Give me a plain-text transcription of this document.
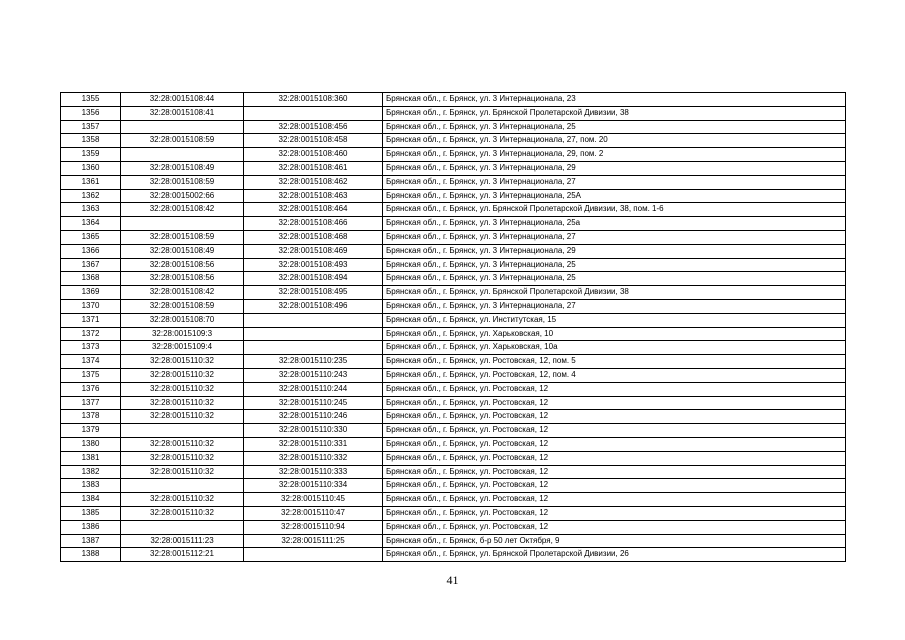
1355	32:28:0015108:44	32:28:0015108:360	Брянская обл., г. Брянск, ул. 3 Интернационала, 23
1356	32:28:0015108:41		Брянская обл., г. Брянск, ул. Брянской Пролетарской Дивизии, 38
1357		32:28:0015108:456	Брянская обл., г. Брянск, ул. 3 Интернационала, 25
1358	32:28:0015108:59	32:28:0015108:458	Брянская обл., г. Брянск, ул. 3 Интернационала, 27, пом. 20
1359		32:28:0015108:460	Брянская обл., г. Брянск, ул. 3 Интернационала, 29, пом. 2
1360	32:28:0015108:49	32:28:0015108:461	Брянская обл., г. Брянск, ул. 3 Интернационала, 29
1361	32:28:0015108:59	32:28:0015108:462	Брянская обл., г. Брянск, ул. 3 Интернационала, 27
1362	32:28:0015002:66	32:28:0015108:463	Брянская обл., г. Брянск, ул. 3 Интернационала, 25А
1363	32:28:0015108:42	32:28:0015108:464	Брянская обл., г. Брянск, ул. Брянской Пролетарской Дивизии, 38, пом. 1-6
1364		32:28:0015108:466	Брянская обл., г. Брянск, ул. 3 Интернационала, 25а
1365	32:28:0015108:59	32:28:0015108:468	Брянская обл., г. Брянск, ул. 3 Интернационала, 27
1366	32:28:0015108:49	32:28:0015108:469	Брянская обл., г. Брянск, ул. 3 Интернационала, 29
1367	32:28:0015108:56	32:28:0015108:493	Брянская обл., г. Брянск, ул. 3 Интернационала, 25
1368	32:28:0015108:56	32:28:0015108:494	Брянская обл., г. Брянск, ул. 3 Интернационала, 25
1369	32:28:0015108:42	32:28:0015108:495	Брянская обл., г. Брянск, ул. Брянской Пролетарской Дивизии, 38
1370	32:28:0015108:59	32:28:0015108:496	Брянская обл., г. Брянск, ул. 3 Интернационала, 27
1371	32:28:0015108:70		Брянская обл., г. Брянск, ул. Институтская, 15
1372	32:28:0015109:3		Брянская обл., г. Брянск, ул. Харьковская, 10
1373	32:28:0015109:4		Брянская обл., г. Брянск, ул. Харьковская, 10а
1374	32:28:0015110:32	32:28:0015110:235	Брянская обл., г. Брянск, ул. Ростовская, 12, пом. 5
1375	32:28:0015110:32	32:28:0015110:243	Брянская обл., г. Брянск, ул. Ростовская, 12, пом. 4
1376	32:28:0015110:32	32:28:0015110:244	Брянская обл., г. Брянск, ул. Ростовская, 12
1377	32:28:0015110:32	32:28:0015110:245	Брянская обл., г. Брянск, ул. Ростовская, 12
1378	32:28:0015110:32	32:28:0015110:246	Брянская обл., г. Брянск, ул. Ростовская, 12
1379		32:28:0015110:330	Брянская обл., г. Брянск, ул. Ростовская, 12
1380	32:28:0015110:32	32:28:0015110:331	Брянская обл., г. Брянск, ул. Ростовская, 12
1381	32:28:0015110:32	32:28:0015110:332	Брянская обл., г. Брянск, ул. Ростовская, 12
1382	32:28:0015110:32	32:28:0015110:333	Брянская обл., г. Брянск, ул. Ростовская, 12
1383		32:28:0015110:334	Брянская обл., г. Брянск, ул. Ростовская, 12
1384	32:28:0015110:32	32:28:0015110:45	Брянская обл., г. Брянск, ул. Ростовская, 12
1385	32:28:0015110:32	32:28:0015110:47	Брянская обл., г. Брянск, ул. Ростовская, 12
1386		32:28:0015110:94	Брянская обл., г. Брянск, ул. Ростовская, 12
1387	32:28:0015111:23	32:28:0015111:25	Брянская обл., г. Брянск, б-р 50 лет Октября, 9
1388	32:28:0015112:21		Брянская обл., г. Брянск, ул. Брянской Пролетарской Дивизии, 26
41
